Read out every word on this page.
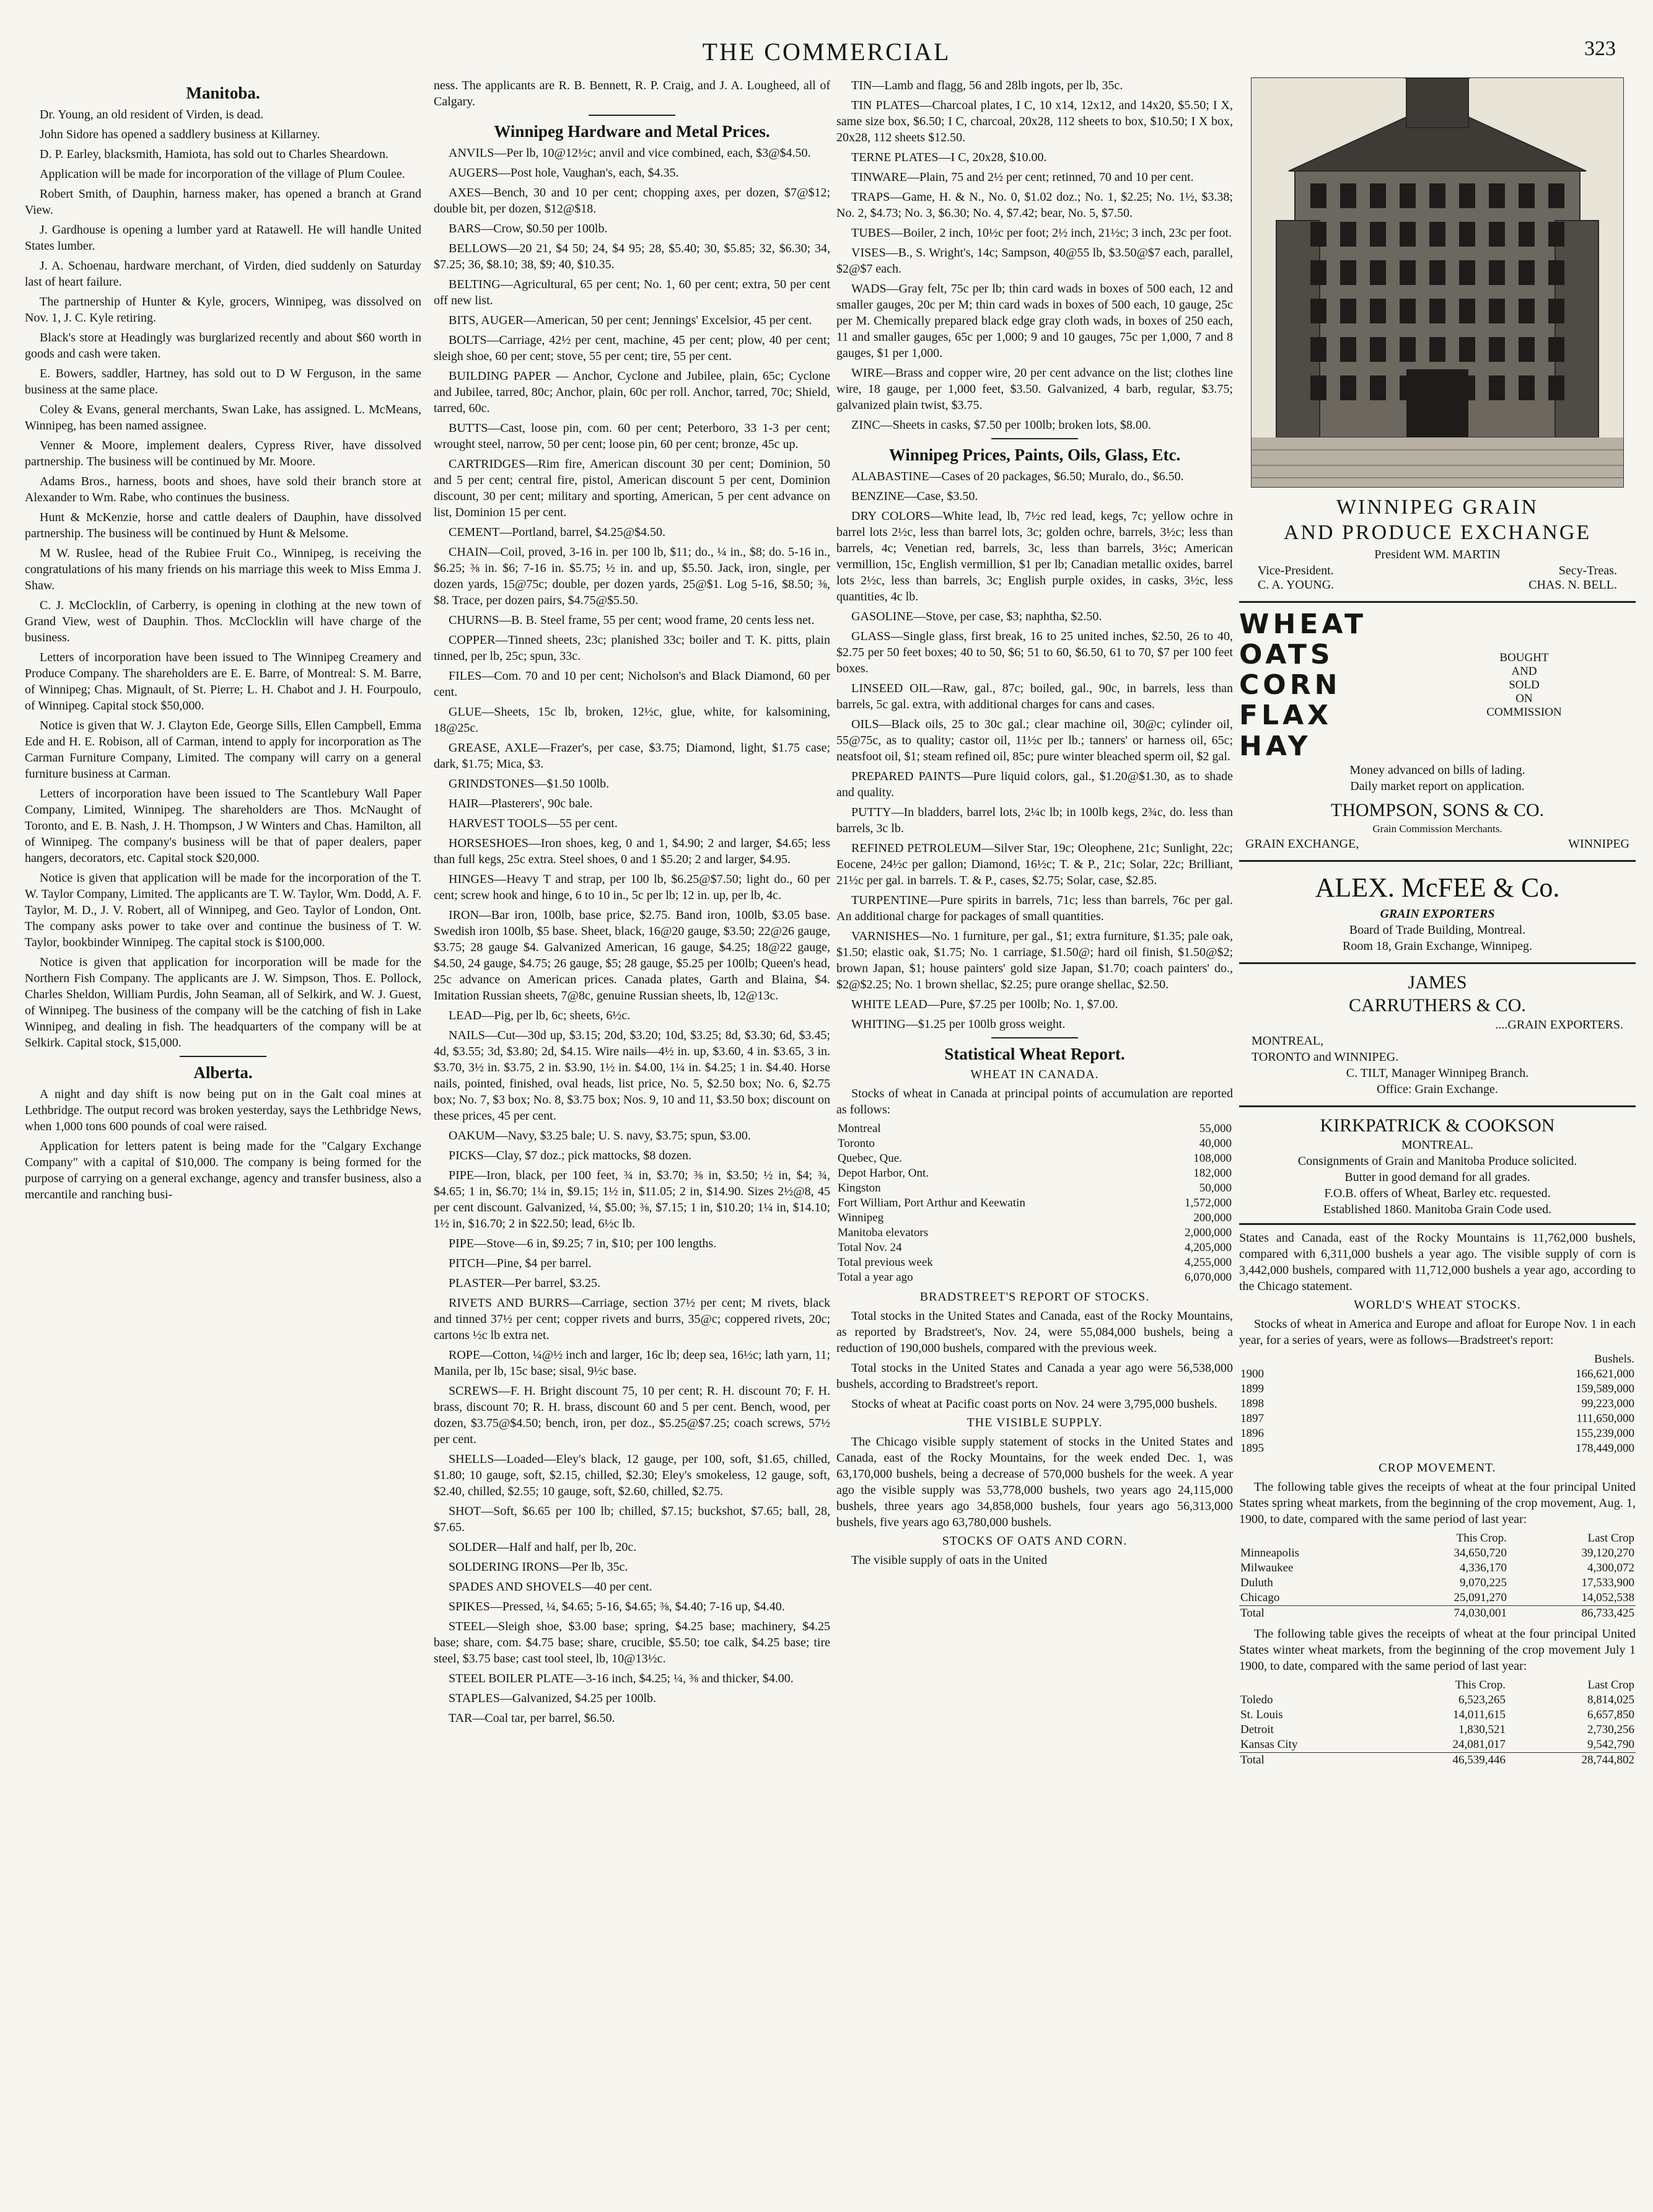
THE COMMERCIAL	323
Manitoba.

Dr. Young, an old resident of Virden, is dead.

John Sidore has opened a saddlery business at Killarney.

D. P. Earley, blacksmith, Hamiota, has sold out to Charles Sheardown.

Application will be made for incorporation of the village of Plum Coulee.

Robert Smith, of Dauphin, harness maker, has opened a branch at Grand View.

J. Gardhouse is opening a lumber yard at Ratawell. He will handle United States lumber.

J. A. Schoenau, hardware merchant, of Virden, died suddenly on Saturday last of heart failure.

The partnership of Hunter & Kyle, grocers, Winnipeg, was dissolved on Nov. 1, J. C. Kyle retiring.

Black's store at Headingly was burglarized recently and about $60 worth in goods and cash were taken.

E. Bowers, saddler, Hartney, has sold out to D W Ferguson, in the same business at the same place.

Coley & Evans, general merchants, Swan Lake, has assigned. L. McMeans, Winnipeg, has been named assignee.

Venner & Moore, implement dealers, Cypress River, have dissolved partnership. The business will be continued by Mr. Moore.

Adams Bros., harness, boots and shoes, have sold their branch store at Alexander to Wm. Rabe, who continues the business.

Hunt & McKenzie, horse and cattle dealers of Dauphin, have dissolved partnership. The business will be continued by Hunt & Melsome.

M W. Ruslee, head of the Rubiee Fruit Co., Winnipeg, is receiving the congratulations of his many friends on his marriage this week to Miss Emma J. Shaw.

C. J. McClocklin, of Carberry, is opening in clothing at the new town of Grand View, west of Dauphin. Thos. McClocklin will have charge of the business.

Letters of incorporation have been issued to The Winnipeg Creamery and Produce Company. The shareholders are E. E. Barre, of Montreal: S. M. Barre, of Winnipeg; Chas. Mignault, of St. Pierre; L. H. Chabot and J. H. Fourpoulo, of Winnipeg. Capital stock $50,000.

Notice is given that W. J. Clayton Ede, George Sills, Ellen Campbell, Emma Ede and H. E. Robison, all of Carman, intend to apply for incorporation as The Carman Furniture Company, Limited. The company will carry on a general furniture business at Carman.

Letters of incorporation have been issued to The Scantlebury Wall Paper Company, Limited, Winnipeg. The shareholders are Thos. McNaught of Toronto, and E. B. Nash, J. H. Thompson, J W Winters and Chas. Hamilton, all of Winnipeg. The company's business will be that of paper dealers, paper hangers, decorators, etc. Capital stock $20,000.

Notice is given that application will be made for the incorporation of the T. W. Taylor Company, Limited. The applicants are T. W. Taylor, Wm. Dodd, A. F. Taylor, M. D., J. V. Robert, all of Winnipeg, and Geo. Taylor of London, Ont. The company asks power to take over and continue the business of T. W. Taylor, bookbinder Winnipeg. The capital stock is $100,000.

Notice is given that application for incorporation will be made for the Northern Fish Company. The applicants are J. W. Simpson, Thos. E. Pollock, Charles Sheldon, William Purdis, John Seaman, all of Selkirk, and W. J. Guest, of Winnipeg. The business of the company will be the catching of fish in Lake Winnipeg, and dealing in fish. The headquarters of the company will be at Selkirk. Capital stock, $15,000.

Alberta.

A night and day shift is now being put on in the Galt coal mines at Lethbridge. The output record was broken yesterday, says the Lethbridge News, when 1,000 tons 600 pounds of coal were raised.

Application for letters patent is being made for the "Calgary Exchange Company" with a capital of $10,000. The company is being formed for the purpose of carrying on a general exchange, agency and transfer business, also a mercantile and ranching busi-

ness. The applicants are R. B. Bennett, R. P. Craig, and J. A. Lougheed, all of Calgary.

Winnipeg Hardware and Metal Prices.

ANVILS—Per lb, 10@12½c; anvil and vice combined, each, $3@$4.50.

AUGERS—Post hole, Vaughan's, each, $4.35.

AXES—Bench, 30 and 10 per cent; chopping axes, per dozen, $7@$12; double bit, per dozen, $12@$18.

BARS—Crow, $0.50 per 100lb.

BELLOWS—20 21, $4 50; 24, $4 95; 28, $5.40; 30, $5.85; 32, $6.30; 34, $7.25; 36, $8.10; 38, $9; 40, $10.35.

BELTING—Agricultural, 65 per cent; No. 1, 60 per cent; extra, 50 per cent off new list.

BITS, AUGER—American, 50 per cent; Jennings' Excelsior, 45 per cent.

BOLTS—Carriage, 42½ per cent, machine, 45 per cent; plow, 40 per cent; sleigh shoe, 60 per cent; stove, 55 per cent; tire, 55 per cent.

BUILDING PAPER — Anchor, Cyclone and Jubilee, plain, 65c; Cyclone and Jubilee, tarred, 80c; Anchor, plain, 60c per roll. Anchor, tarred, 70c; Shield, tarred, 60c.

BUTTS—Cast, loose pin, com. 60 per cent; Peterboro, 33 1-3 per cent; wrought steel, narrow, 50 per cent; loose pin, 60 per cent; bronze, 45c up.

CARTRIDGES—Rim fire, American discount 30 per cent; Dominion, 50 and 5 per cent; central fire, pistol, American discount 5 per cent, Dominion discount, 30 per cent; military and sporting, American, 5 per cent advance on list, Dominion 15 per cent.

CEMENT—Portland, barrel, $4.25@$4.50.

CHAIN—Coil, proved, 3-16 in. per 100 lb, $11; do., ¼ in., $8; do. 5-16 in., $6.25; ⅜ in. $6; 7-16 in. $5.75; ½ in. and up, $5.50. Jack, iron, single, per dozen yards, 15@75c; double, per dozen yards, 25@$1. Log 5-16, $8.50; ⅜, $8. Trace, per dozen pairs, $4.75@$5.50.

CHURNS—B. B. Steel frame, 55 per cent; wood frame, 20 cents less net.

COPPER—Tinned sheets, 23c; planished 33c; boiler and T. K. pitts, plain tinned, per lb, 25c; spun, 33c.

FILES—Com. 70 and 10 per cent; Nicholson's and Black Diamond, 60 per cent.

GLUE—Sheets, 15c lb, broken, 12½c, glue, white, for kalsomining, 18@25c.

GREASE, AXLE—Frazer's, per case, $3.75; Diamond, light, $1.75 case; dark, $1.75; Mica, $3.

GRINDSTONES—$1.50 100lb.

HAIR—Plasterers', 90c bale.

HARVEST TOOLS—55 per cent.

HORSESHOES—Iron shoes, keg, 0 and 1, $4.90; 2 and larger, $4.65; less than full kegs, 25c extra. Steel shoes, 0 and 1 $5.20; 2 and larger, $4.95.

HINGES—Heavy T and strap, per 100 lb, $6.25@$7.50; light do., 60 per cent; screw hook and hinge, 6 to 10 in., 5c per lb; 12 in. up, per lb, 4c.

IRON—Bar iron, 100lb, base price, $2.75. Band iron, 100lb, $3.05 base. Swedish iron 100lb, $5 base. Sheet, black, 16@20 gauge, $3.50; 22@26 gauge, $3.75; 28 gauge $4. Galvanized American, 16 gauge, $4.25; 18@22 gauge, $4.50, 24 gauge, $4.75; 26 gauge, $5; 28 gauge, $5.25 per 100lb; Queen's head, 25c advance on American prices. Canada plates, Garth and Blaina, $4. Imitation Russian sheets, 7@8c, genuine Russian sheets, lb, 12@13c.

LEAD—Pig, per lb, 6c; sheets, 6½c.

NAILS—Cut—30d up, $3.15; 20d, $3.20; 10d, $3.25; 8d, $3.30; 6d, $3.45; 4d, $3.55; 3d, $3.80; 2d, $4.15. Wire nails—4½ in. up, $3.60, 4 in. $3.65, 3 in. $3.70, 3½ in. $3.75, 2 in. $3.90, 1½ in. $4.00, 1¼ in. $4.25; 1 in. $4.40. Horse nails, pointed, finished, oval heads, list price, No. 5, $2.50 box; No. 6, $2.75 box; No. 7, $3 box; No. 8, $3.75 box; Nos. 9, 10 and 11, $3.50 box; discount on these prices, 45 per cent.

OAKUM—Navy, $3.25 bale; U. S. navy, $3.75; spun, $3.00.

PICKS—Clay, $7 doz.; pick mattocks, $8 dozen.

PIPE—Iron, black, per 100 feet, ¾ in, $3.70; ⅜ in, $3.50; ½ in, $4; ¾, $4.65; 1 in, $6.70; 1¼ in, $9.15; 1½ in, $11.05; 2 in, $14.90. Sizes 2½@8, 45 per cent discount. Galvanized, ¼, $5.00; ⅜, $7.15; 1 in, $10.20; 1¼ in, $14.10; 1½ in, $16.70; 2 in $22.50; lead, 6½c lb.

PIPE—Stove—6 in, $9.25; 7 in, $10; per 100 lengths.

PITCH—Pine, $4 per barrel.

PLASTER—Per barrel, $3.25.

RIVETS AND BURRS—Carriage, section 37½ per cent; M rivets, black and tinned 37½ per cent; copper rivets and burrs, 35@c; coppered rivets, 20c; cartons ½c lb extra net.

ROPE—Cotton, ¼@½ inch and larger, 16c lb; deep sea, 16½c; lath yarn, 11; Manila, per lb, 15c base; sisal, 9½c base.

SCREWS—F. H. Bright discount 75, 10 per cent; R. H. discount 70; F. H. brass, discount 70; R. H. brass, discount 60 and 5 per cent. Bench, wood, per dozen, $3.75@$4.50; bench, iron, per doz., $5.25@$7.25; coach screws, 57½ per cent.

SHELLS—Loaded—Eley's black, 12 gauge, per 100, soft, $1.65, chilled, $1.80; 10 gauge, soft, $2.15, chilled, $2.30; Eley's smokeless, 12 gauge, soft, $2.40, chilled, $2.55; 10 gauge, soft, $2.60, chilled, $2.75.

SHOT—Soft, $6.65 per 100 lb; chilled, $7.15; buckshot, $7.65; ball, 28, $7.65.

SOLDER—Half and half, per lb, 20c.

SOLDERING IRONS—Per lb, 35c.

SPADES AND SHOVELS—40 per cent.

SPIKES—Pressed, ¼, $4.65; 5-16, $4.65; ⅜, $4.40; 7-16 up, $4.40.

STEEL—Sleigh shoe, $3.00 base; spring, $4.25 base; machinery, $4.25 base; share, com. $4.75 base; share, crucible, $5.50; toe calk, $4.25 base; tire steel, $3.75 base; cast tool steel, lb, 10@13½c.

STEEL BOILER PLATE—3-16 inch, $4.25; ¼, ⅜ and thicker, $4.00.

STAPLES—Galvanized, $4.25 per 100lb.

TAR—Coal tar, per barrel, $6.50.

TIN—Lamb and flagg, 56 and 28lb ingots, per lb, 35c.

TIN PLATES—Charcoal plates, I C, 10 x14, 12x12, and 14x20, $5.50; I X, same size box, $6.50; I C, charcoal, 20x28, 112 sheets to box, $10.50; I X box, 20x28, 112 sheets $12.50.

TERNE PLATES—I C, 20x28, $10.00.

TINWARE—Plain, 75 and 2½ per cent; retinned, 70 and 10 per cent.

TRAPS—Game, H. & N., No. 0, $1.02 doz.; No. 1, $2.25; No. 1½, $3.38; No. 2, $4.73; No. 3, $6.30; No. 4, $7.42; bear, No. 5, $7.50.

TUBES—Boiler, 2 inch, 10½c per foot; 2½ inch, 21½c; 3 inch, 23c per foot.

VISES—B., S. Wright's, 14c; Sampson, 40@55 lb, $3.50@$7 each, parallel, $2@$7 each.

WADS—Gray felt, 75c per lb; thin card wads in boxes of 500 each, 12 and smaller gauges, 20c per M; thin card wads in boxes of 500 each, 10 gauge, 25c per M. Chemically prepared black edge gray cloth wads, in boxes of 250 each, 11 and smaller gauges, 65c per 1,000; 9 and 10 gauges, 75c per 1,000, 7 and 8 gauges, $1 per 1,000.

WIRE—Brass and copper wire, 20 per cent advance on the list; clothes line wire, 18 gauge, per 1,000 feet, $3.50. Galvanized, 4 barb, regular, $3.75; galvanized plain twist, $3.75.

ZINC—Sheets in casks, $7.50 per 100lb; broken lots, $8.00.

Winnipeg Prices, Paints, Oils, Glass, Etc.

ALABASTINE—Cases of 20 packages, $6.50; Muralo, do., $6.50.

BENZINE—Case, $3.50.

DRY COLORS—White lead, lb, 7½c red lead, kegs, 7c; yellow ochre in barrel lots 2½c, less than barrel lots, 3c; golden ochre, barrels, 3½c; less than barrels, 4c; Venetian red, barrels, 3c, less than barrels, 3½c; American vermillion, 15c, English vermillion, $1 per lb; Canadian metallic oxides, barrel lots 2½c, less than barrels, 3c; English purple oxides, in casks, 3½c, less quantities, 4c lb.

GASOLINE—Stove, per case, $3; naphtha, $2.50.

GLASS—Single glass, first break, 16 to 25 united inches, $2.50, 26 to 40, $2.75 per 50 feet boxes; 40 to 50, $6; 51 to 60, $6.50, 61 to 70, $7 per 100 feet boxes.

LINSEED OIL—Raw, gal., 87c; boiled, gal., 90c, in barrels, less than barrels, 5c gal. extra, with additional charges for cans and cases.

OILS—Black oils, 25 to 30c gal.; clear machine oil, 30@c; cylinder oil, 55@75c, as to quality; castor oil, 11½c per lb.; tanners' or harness oil, 65c; neatsfoot oil, $1; steam refined oil, 85c; pure winter bleached sperm oil, $2 gal.

PREPARED PAINTS—Pure liquid colors, gal., $1.20@$1.30, as to shade and quality.

PUTTY—In bladders, barrel lots, 2¼c lb; in 100lb kegs, 2¾c, do. less than barrels, 3c lb.

REFINED PETROLEUM—Silver Star, 19c; Oleophene, 21c; Sunlight, 22c; Eocene, 24½c per gallon; Diamond, 16½c; T. & P., 21c; Solar, 22c; Brilliant, 21½c per gal. in barrels. T. & P., cases, $2.75; Solar, case, $2.85.

TURPENTINE—Pure spirits in barrels, 71c; less than barrels, 76c per gal. An additional charge for packages of small quantities.

VARNISHES—No. 1 furniture, per gal., $1; extra furniture, $1.35; pale oak, $1.50; elastic oak, $1.75; No. 1 carriage, $1.50@; hard oil finish, $1.50@$2; brown Japan, $1; house painters' gold size Japan, $1.70; coach painters' do., $2@$2.25; No. 1 brown shellac, $2.25; pure orange shellac, $2.50.

WHITE LEAD—Pure, $7.25 per 100lb; No. 1, $7.00.

WHITING—$1.25 per 100lb gross weight.

Statistical Wheat Report.
WHEAT IN CANADA.

Stocks of wheat in Canada at principal points of accumulation are reported as follows:

Montreal	55,000
Toronto	40,000
Quebec, Que.	108,000
Depot Harbor, Ont.	182,000
Kingston	50,000
Fort William, Port Arthur and Keewatin	1,572,000
Winnipeg	200,000
Manitoba elevators	2,000,000
Total Nov. 24	4,205,000
Total previous week	4,255,000
Total a year ago	6,070,000
BRADSTREET'S REPORT OF STOCKS.

Total stocks in the United States and Canada, east of the Rocky Mountains, as reported by Bradstreet's, Nov. 24, were 55,084,000 bushels, being a reduction of 190,000 bushels, compared with the previous week.

Total stocks in the United States and Canada a year ago were 56,538,000 bushels, according to Bradstreet's report.

Stocks of wheat at Pacific coast ports on Nov. 24 were 3,795,000 bushels.

THE VISIBLE SUPPLY.

The Chicago visible supply statement of stocks in the United States and Canada, east of the Rocky Mountains, for the week ended Dec. 1, was 63,170,000 bushels, being a decrease of 570,000 bushels for the week. A year ago the visible supply was 53,778,000 bushels, two years ago 24,115,000 bushels, three years ago 34,858,000 bushels, four years ago 56,313,000 bushels, five years ago 63,780,000 bushels.

STOCKS OF OATS AND CORN.

The visible supply of oats in the United

WINNIPEG GRAIN
AND PRODUCE EXCHANGE
President WM. MARTIN
Vice-President.	Secy-Treas.
C. A. YOUNG.	CHAS. N. BELL.
WHEAT
OATS
CORN
FLAX
HAY
BOUGHT
AND
SOLD
ON
COMMISSION
Money advanced on bills of lading.
Daily market report on application.
THOMPSON, SONS & CO.
Grain Commission Merchants.
GRAIN EXCHANGE,	WINNIPEG
ALEX. McFEE & Co.
GRAIN EXPORTERS
Board of Trade Building, Montreal.
Room 18, Grain Exchange, Winnipeg.
JAMES
CARRUTHERS & CO.
....GRAIN EXPORTERS.
MONTREAL,
TORONTO and WINNIPEG.
C. TILT, Manager Winnipeg Branch.
Office: Grain Exchange.
KIRKPATRICK & COOKSON
MONTREAL.
Consignments of Grain and Manitoba Produce solicited.
Butter in good demand for all grades.
F.O.B. offers of Wheat, Barley etc. requested.
Established 1860. Manitoba Grain Code used.

States and Canada, east of the Rocky Mountains is 11,762,000 bushels, compared with 6,311,000 bushels a year ago. The visible supply of corn is 3,442,000 bushels, compared with 11,712,000 bushels a year ago, according to the Chicago statement.

WORLD'S WHEAT STOCKS.

Stocks of wheat in America and Europe and afloat for Europe Nov. 1 in each year, for a series of years, were as follows—Bradstreet's report:

	Bushels.
1900	166,621,000
1899	159,589,000
1898	99,223,000
1897	111,650,000
1896	155,239,000
1895	178,449,000
CROP MOVEMENT.

The following table gives the receipts of wheat at the four principal United States spring wheat markets, from the beginning of the crop movement, Aug. 1, 1900, to date, compared with the same period of last year:

	This Crop.	Last Crop
Minneapolis	34,650,720	39,120,270
Milwaukee	4,336,170	4,300,072
Duluth	9,070,225	17,533,900
Chicago	25,091,270	14,052,538
Total	74,030,001	86,733,425

The following table gives the receipts of wheat at the four principal United States winter wheat markets, from the beginning of the crop movement July 1 1900, to date, compared with the same period of last year:

	This Crop.	Last Crop
Toledo	6,523,265	8,814,025
St. Louis	14,011,615	6,657,850
Detroit	1,830,521	2,730,256
Kansas City	24,081,017	9,542,790
Total	46,539,446	28,744,802
